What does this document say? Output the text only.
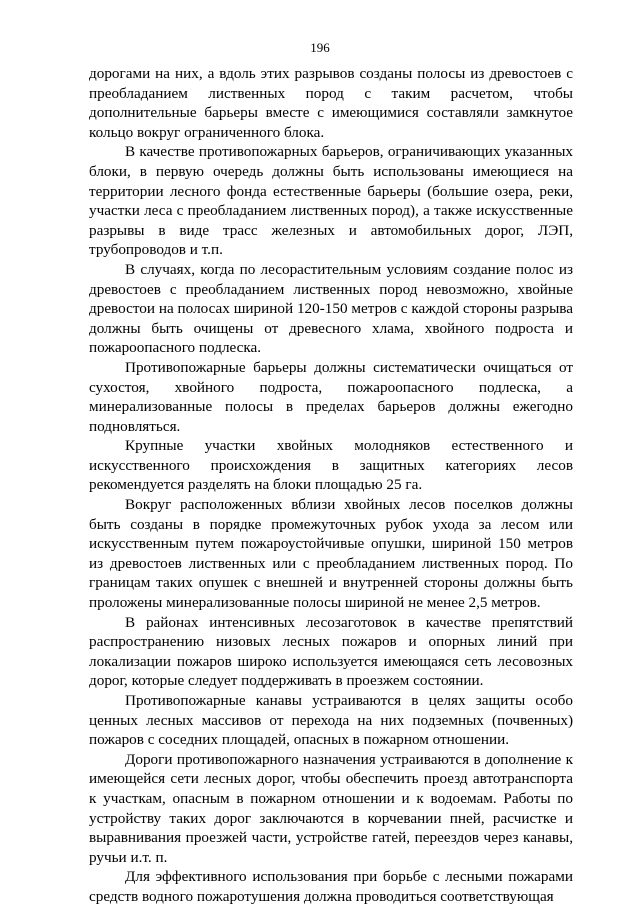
196

дорогами на них, а вдоль этих разрывов созданы полосы из древостоев с преобладанием лиственных пород с таким расчетом, чтобы дополнительные барьеры вместе с имеющимися составляли замкнутое кольцо вокруг ограниченного блока.

В качестве противопожарных барьеров, ограничивающих указанных блоки, в первую очередь должны быть использованы имеющиеся на территории лесного фонда естественные барьеры (большие озера, реки, участки леса с преобладанием лиственных пород), а также искусственные разрывы в виде трасс железных и автомобильных дорог, ЛЭП, трубопроводов и т.п.

В случаях, когда по лесорастительным условиям создание полос из древостоев с преобладанием лиственных пород невозможно, хвойные древостои на полосах шириной 120-150 метров с каждой стороны разрыва должны быть очищены от древесного хлама, хвойного подроста и пожароопасного подлеска.

Противопожарные барьеры должны систематически очищаться от сухостоя, хвойного подроста, пожароопасного подлеска, а минерализованные полосы в пределах барьеров должны ежегодно подновляться.

Крупные участки хвойных молодняков естественного и искусственного происхождения в защитных категориях лесов рекомендуется разделять на блоки площадью 25 га.

Вокруг расположенных вблизи хвойных лесов поселков должны быть созданы в порядке промежуточных рубок ухода за лесом или искусственным путем пожароустойчивые опушки, шириной 150 метров из древостоев лиственных или с преобладанием лиственных пород. По границам таких опушек с внешней и внутренней стороны должны быть проложены минерализованные полосы шириной не менее 2,5 метров.

В районах интенсивных лесозаготовок в качестве препятствий распространению низовых лесных пожаров и опорных линий при локализации пожаров широко используется имеющаяся сеть лесовозных дорог, которые следует поддерживать в проезжем состоянии.

Противопожарные канавы устраиваются в целях защиты особо ценных лесных массивов от перехода на них подземных (почвенных) пожаров с соседних площадей, опасных в пожарном отношении.

Дороги противопожарного назначения устраиваются в дополнение к имеющейся сети лесных дорог, чтобы обеспечить проезд автотранспорта к участкам, опасным в пожарном отношении и к водоемам. Работы по устройству таких дорог заключаются в корчевании пней, расчистке и выравнивания проезжей части, устройстве гатей, переездов через канавы, ручьи и.т. п.

Для эффективного использования при борьбе с лесными пожарами средств водного пожаротушения должна проводиться соответствующая
